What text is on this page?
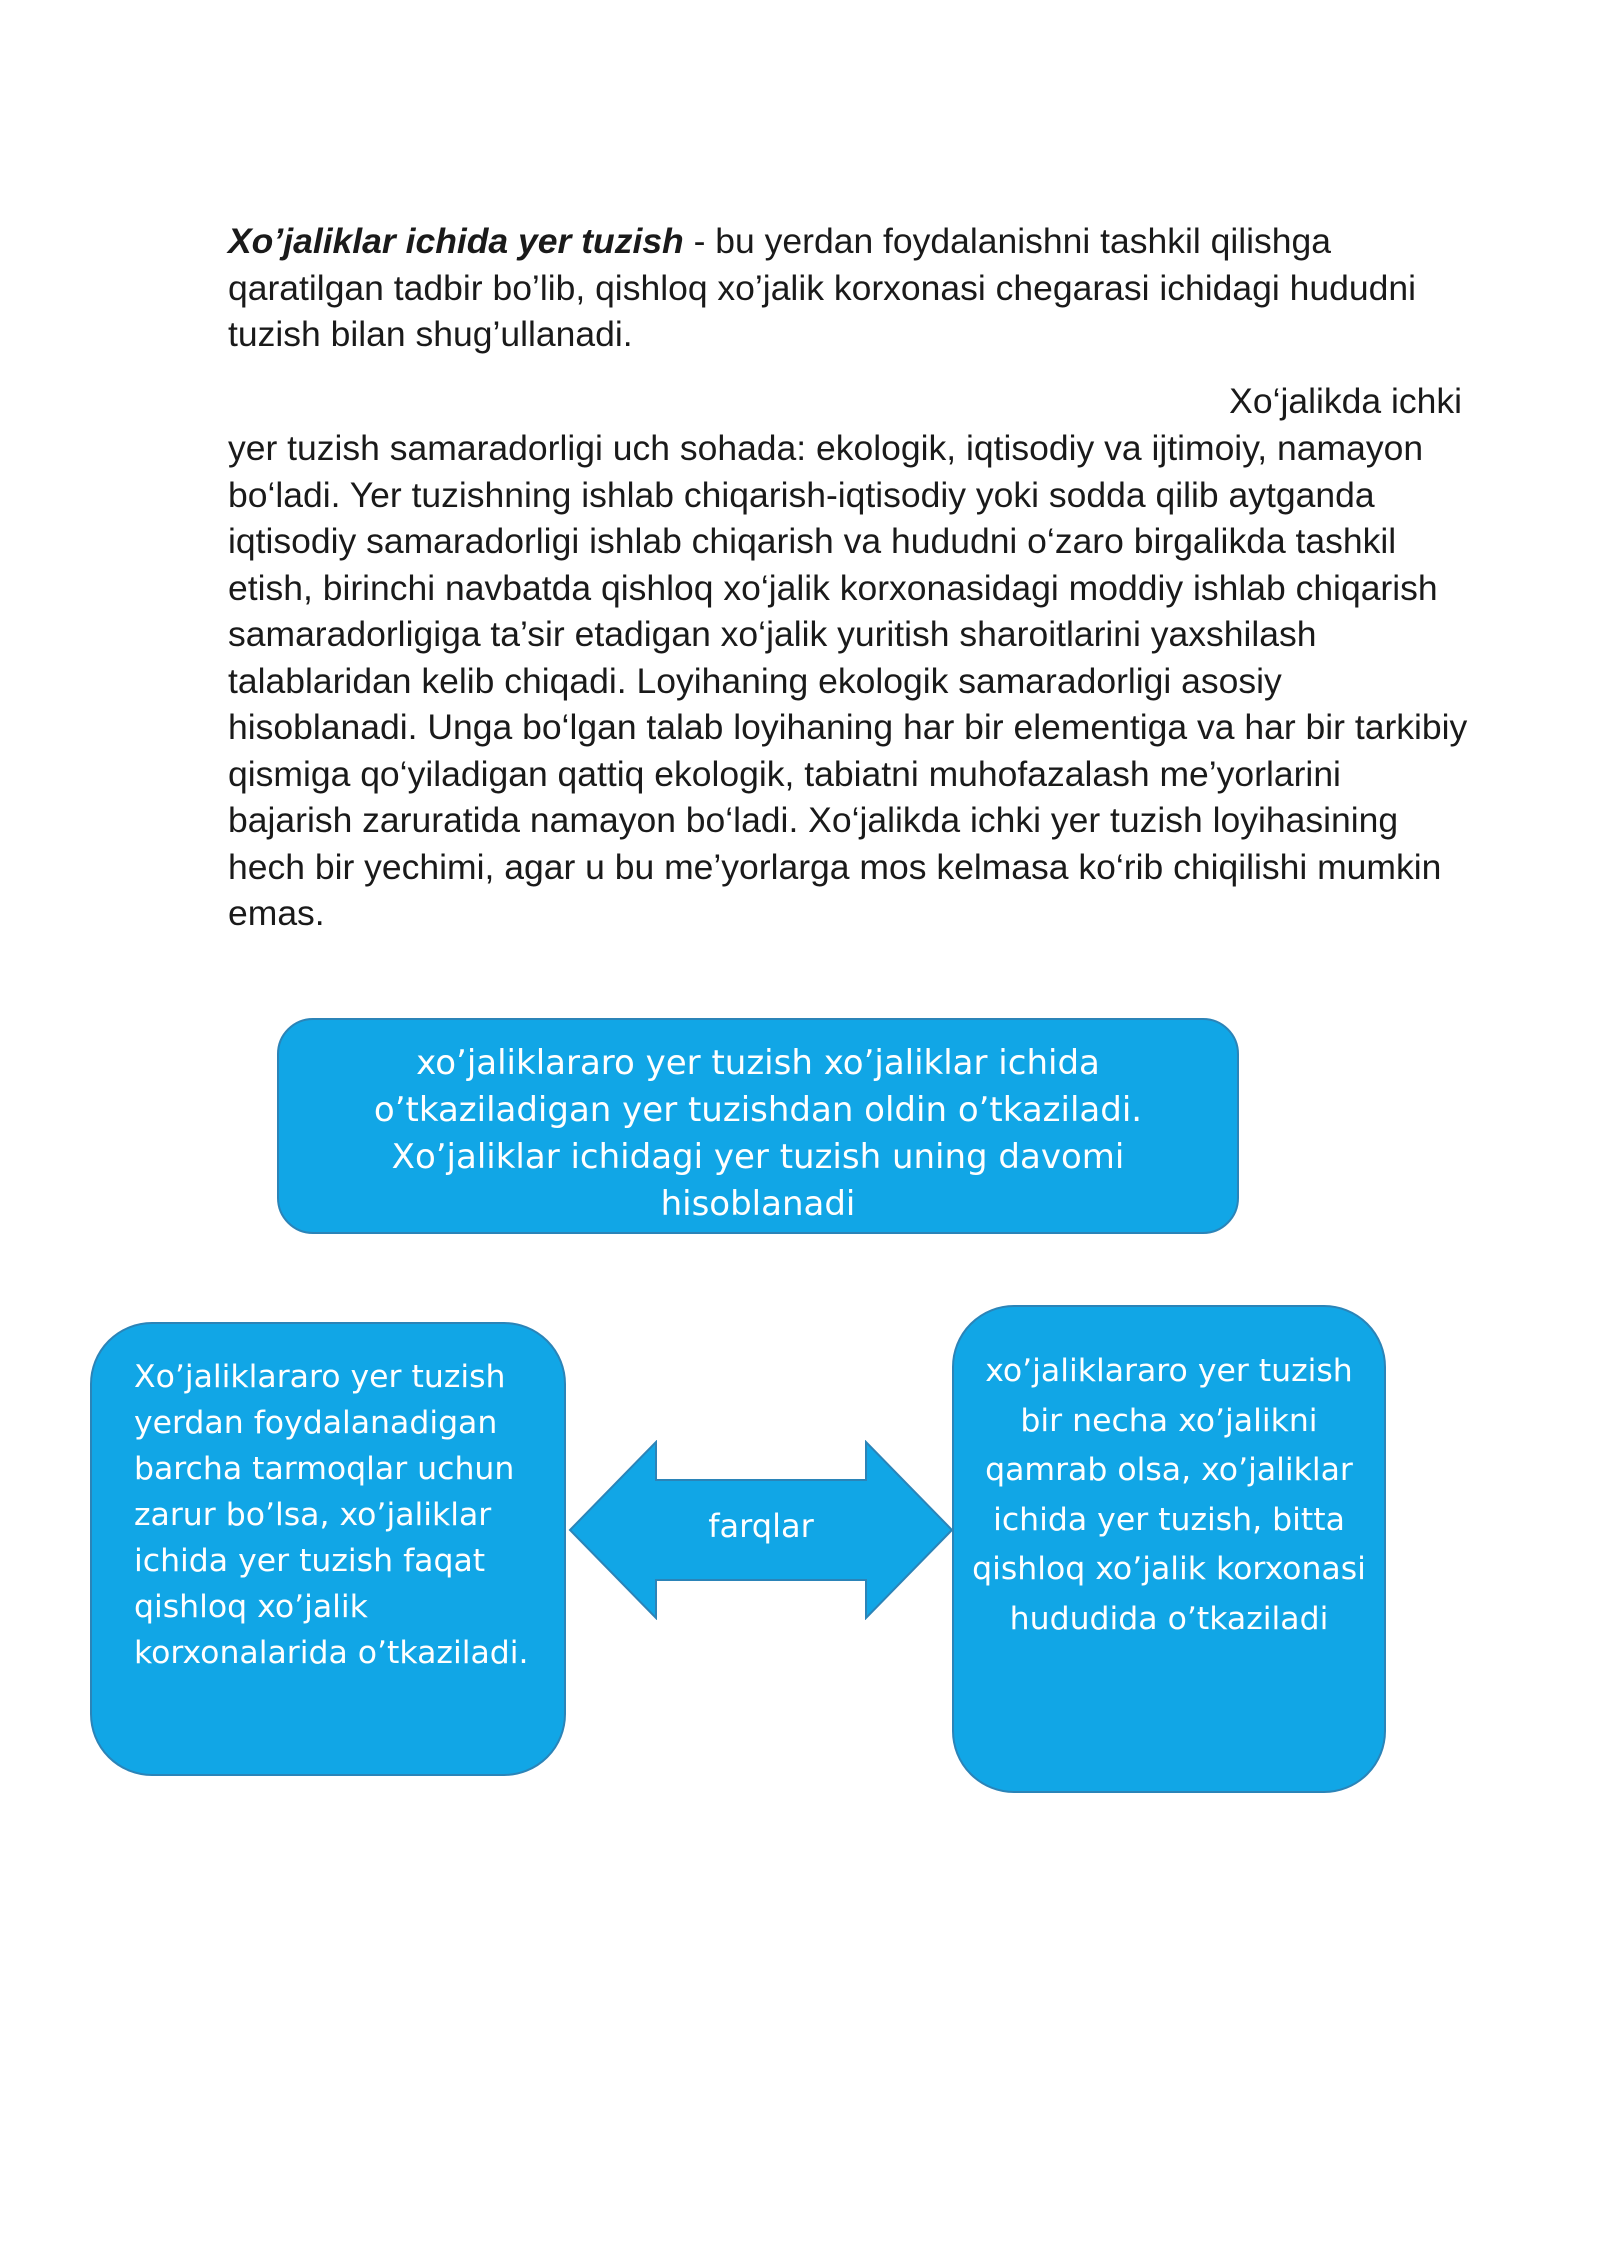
Xo’jaliklar ichida yer tuzish - bu yerdan foydalanishni tashkil qilishga qaratilgan tadbir bo’lib, qishloq xo’jalik korxonasi chegarasi ichidagi hududni tuzish bilan shug’ullanadi.

Xo‘jalikda ichki

yer tuzish samaradorligi uch sohada: ekologik, iqtisodiy va ijtimoiy, namayon bo‘ladi. Yer tuzishning ishlab chiqarish-iqtisodiy yoki sodda qilib aytganda iqtisodiy samaradorligi ishlab chiqarish va hududni o‘zaro birgalikda tashkil etish, birinchi navbatda qishloq xo‘jalik korxonasidagi moddiy ishlab chiqarish samaradorligiga ta’sir etadigan xo‘jalik yuritish sharoitlarini yaxshilash talablaridan kelib chiqadi. Loyihaning ekologik samaradorligi asosiy hisoblanadi. Unga bo‘lgan talab loyihaning har bir elementiga va har bir tarkibiy qismiga qo‘yiladigan qattiq ekologik, tabiatni muhofazalash me’yorlarini bajarish zaruratida namayon bo‘ladi. Xo‘jalikda ichki yer tuzish loyihasining hech bir yechimi, agar u bu me’yorlarga mos kelmasa ko‘rib chiqilishi mumkin emas.

xo’jaliklararo yer tuzish xo’jaliklar ichida o’tkaziladigan yer tuzishdan oldin o’tkaziladi. Xo’jaliklar ichidagi yer tuzish uning davomi hisoblanadi
Xo’jaliklararo yer tuzish yerdan foydalanadigan barcha tarmoqlar uchun zarur bo’lsa, xo’jaliklar ichida yer tuzish faqat qishloq xo’jalik korxonalarida o’tkaziladi.
farqlar
xo’jaliklararo yer tuzish bir necha xo’jalikni qamrab olsa, xo’jaliklar ichida yer tuzish, bitta qishloq xo’jalik korxonasi hududida o’tkaziladi
